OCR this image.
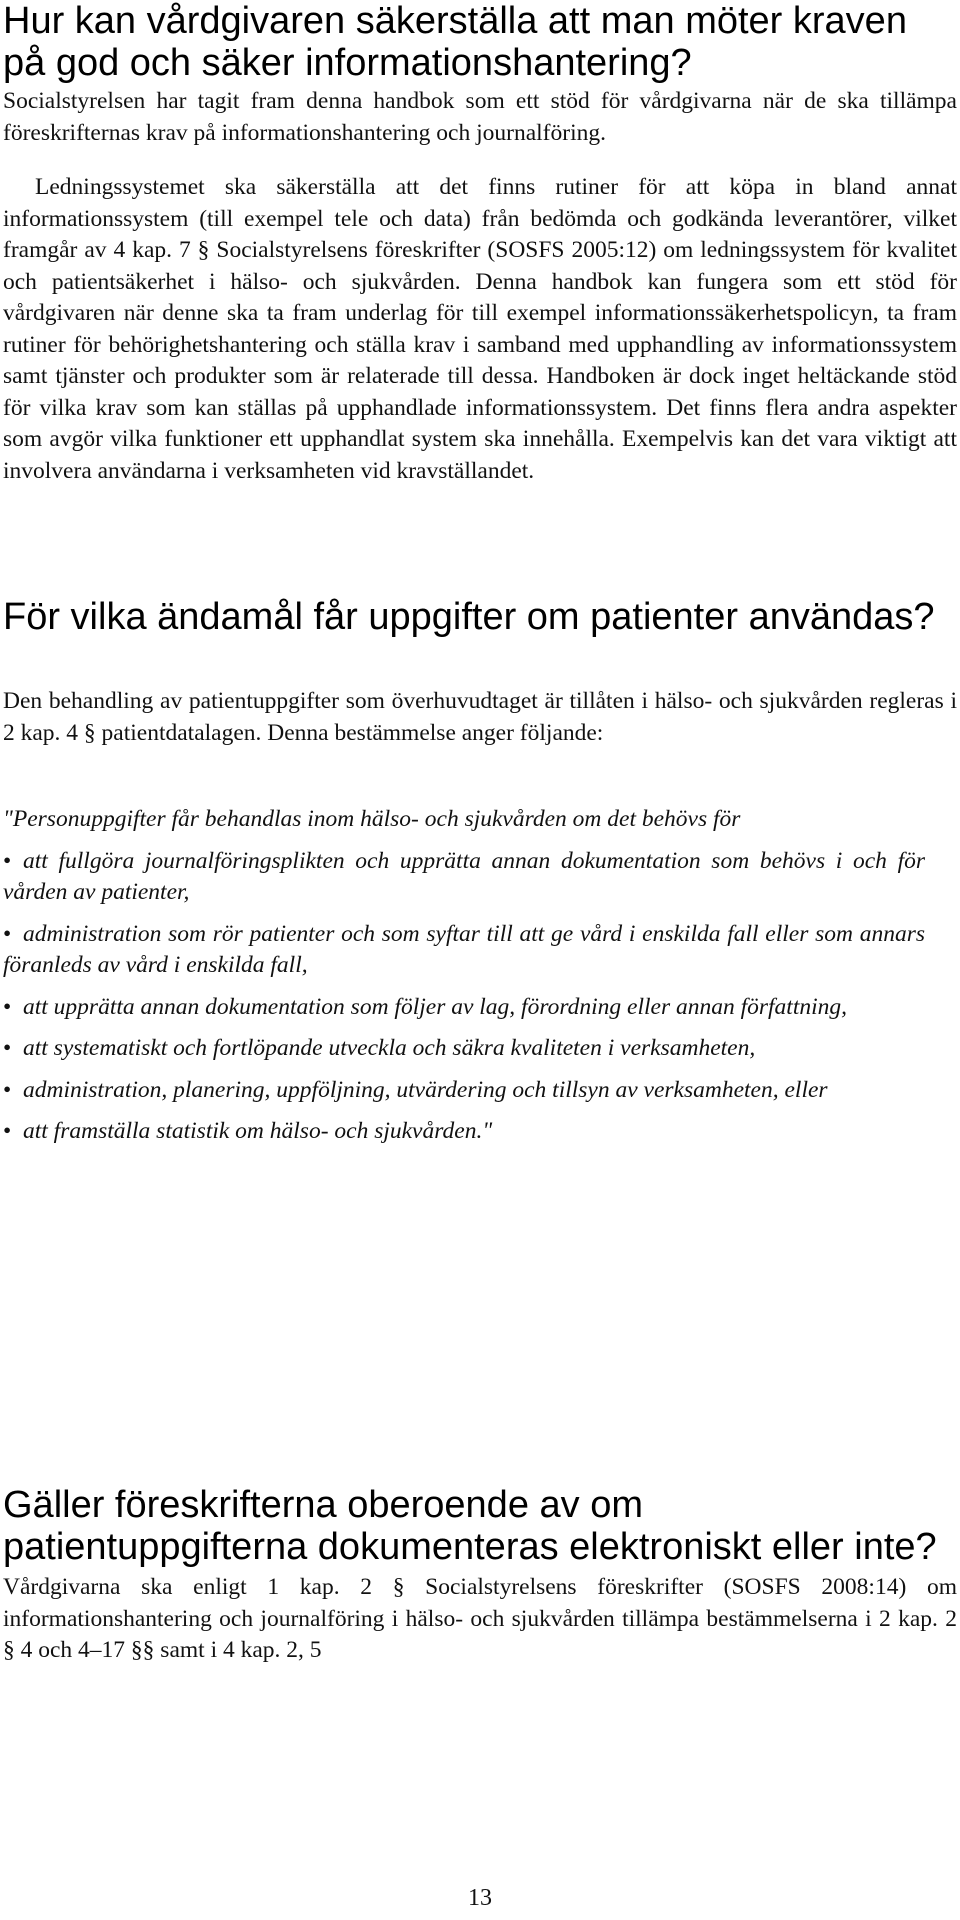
Hur kan vårdgivaren säkerställa att man möter kraven på god och säker informationshantering?

Socialstyrelsen har tagit fram denna handbok som ett stöd för vårdgivarna när de ska tillämpa föreskrifternas krav på informationshantering och journalföring.

Ledningssystemet ska säkerställa att det finns rutiner för att köpa in bland annat informationssystem (till exempel tele och data) från bedömda och godkända leverantörer, vilket framgår av 4 kap. 7 § Socialstyrelsens föreskrifter (SOSFS 2005:12) om ledningssystem för kvalitet och patientsäkerhet i hälso- och sjukvården. Denna handbok kan fungera som ett stöd för vårdgivaren när denne ska ta fram underlag för till exempel informationssäkerhetspolicyn, ta fram rutiner för behörighetshantering och ställa krav i samband med upphandling av informationssystem samt tjänster och produkter som är relaterade till dessa. Handboken är dock inget heltäckande stöd för vilka krav som kan ställas på upphandlade informationssystem. Det finns flera andra aspekter som avgör vilka funktioner ett upphandlat system ska innehålla. Exempelvis kan det vara viktigt att involvera användarna i verksamheten vid kravställandet.

För vilka ändamål får uppgifter om patienter användas?

Den behandling av patientuppgifter som överhuvudtaget är tillåten i hälso- och sjukvården regleras i 2 kap. 4 § patientdatalagen. Denna bestämmelse anger följande:

"Personuppgifter får behandlas inom hälso- och sjukvården om det behövs för

• att fullgöra journalföringsplikten och upprätta annan dokumentation som behövs i och för vården av patienter,
• administration som rör patienter och som syftar till att ge vård i enskilda fall eller som annars föranleds av vård i enskilda fall,
• att upprätta annan dokumentation som följer av lag, förordning eller annan författning,
• att systematiskt och fortlöpande utveckla och säkra kvaliteten i verksamheten,
• administration, planering, uppföljning, utvärdering och tillsyn av verksamheten, eller
• att framställa statistik om hälso- och sjukvården."
Gäller föreskrifterna oberoende av om patientuppgifterna dokumenteras elektroniskt eller inte?

Vårdgivarna ska enligt 1 kap. 2 § Socialstyrelsens föreskrifter (SOSFS 2008:14) om informationshantering och journalföring i hälso- och sjukvården tillämpa bestämmelserna i 2 kap. 2 § 4 och 4–17 §§ samt i 4 kap. 2, 5

13
